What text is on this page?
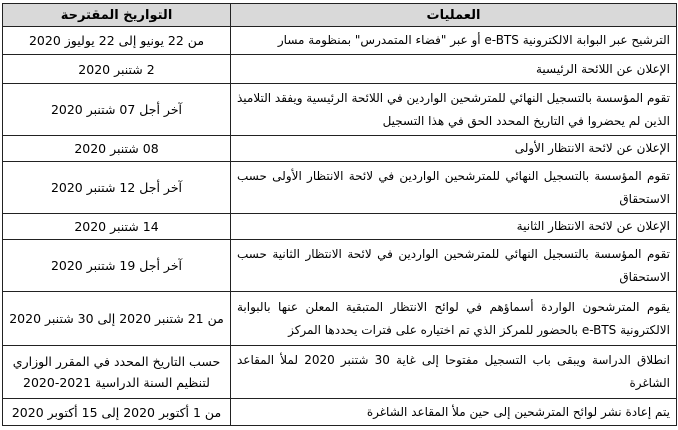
العمليات	التواريخ المقترحة
الترشيح عبر البوابة الالكترونية e-BTS أو عبر "فضاء المتمدرس" بمنظومة مسار	من 22 يونيو إلى 22 يوليوز 2020
الإعلان عن اللائحة الرئيسية	2 شتنبر 2020
تقوم المؤسسة بالتسجيل النهائي للمترشحين الواردين في اللائحة الرئيسية ويفقد التلاميذ الذين لم يحضروا في التاريخ المحدد الحق في هذا التسجيل	آخر أجل 07 شتنبر 2020
الإعلان عن لائحة الانتظار الأولى	08 شتنبر 2020
تقوم المؤسسة بالتسجيل النهائي للمترشحين الواردين في لائحة الانتظار الأولى حسب الاستحقاق	آخر أجل 12 شتنبر 2020
الإعلان عن لائحة الانتظار الثانية	14 شتنبر 2020
تقوم المؤسسة بالتسجيل النهائي للمترشحين الواردين في لائحة الانتظار الثانية حسب الاستحقاق	آخر أجل 19 شتنبر 2020
يقوم المترشحون الواردة أسماؤهم في لوائح الانتظار المتبقية المعلن عنها بالبوابة الالكترونية e-BTS بالحضور للمركز الذي تم اختياره على فترات يحددها المركز	من 21 شتنبر 2020 إلى 30 شتنبر 2020
انطلاق الدراسة ويبقى باب التسجيل مفتوحا إلى غاية 30 شتنبر 2020 لملأ المقاعد الشاغرة	حسب التاريخ المحدد في المقرر الوزاري لتنظيم السنة الدراسية 2021-2020
يتم إعادة نشر لوائح المترشحين إلى حين ملأ المقاعد الشاغرة	من 1 أكتوبر 2020 إلى 15 أكتوبر 2020
